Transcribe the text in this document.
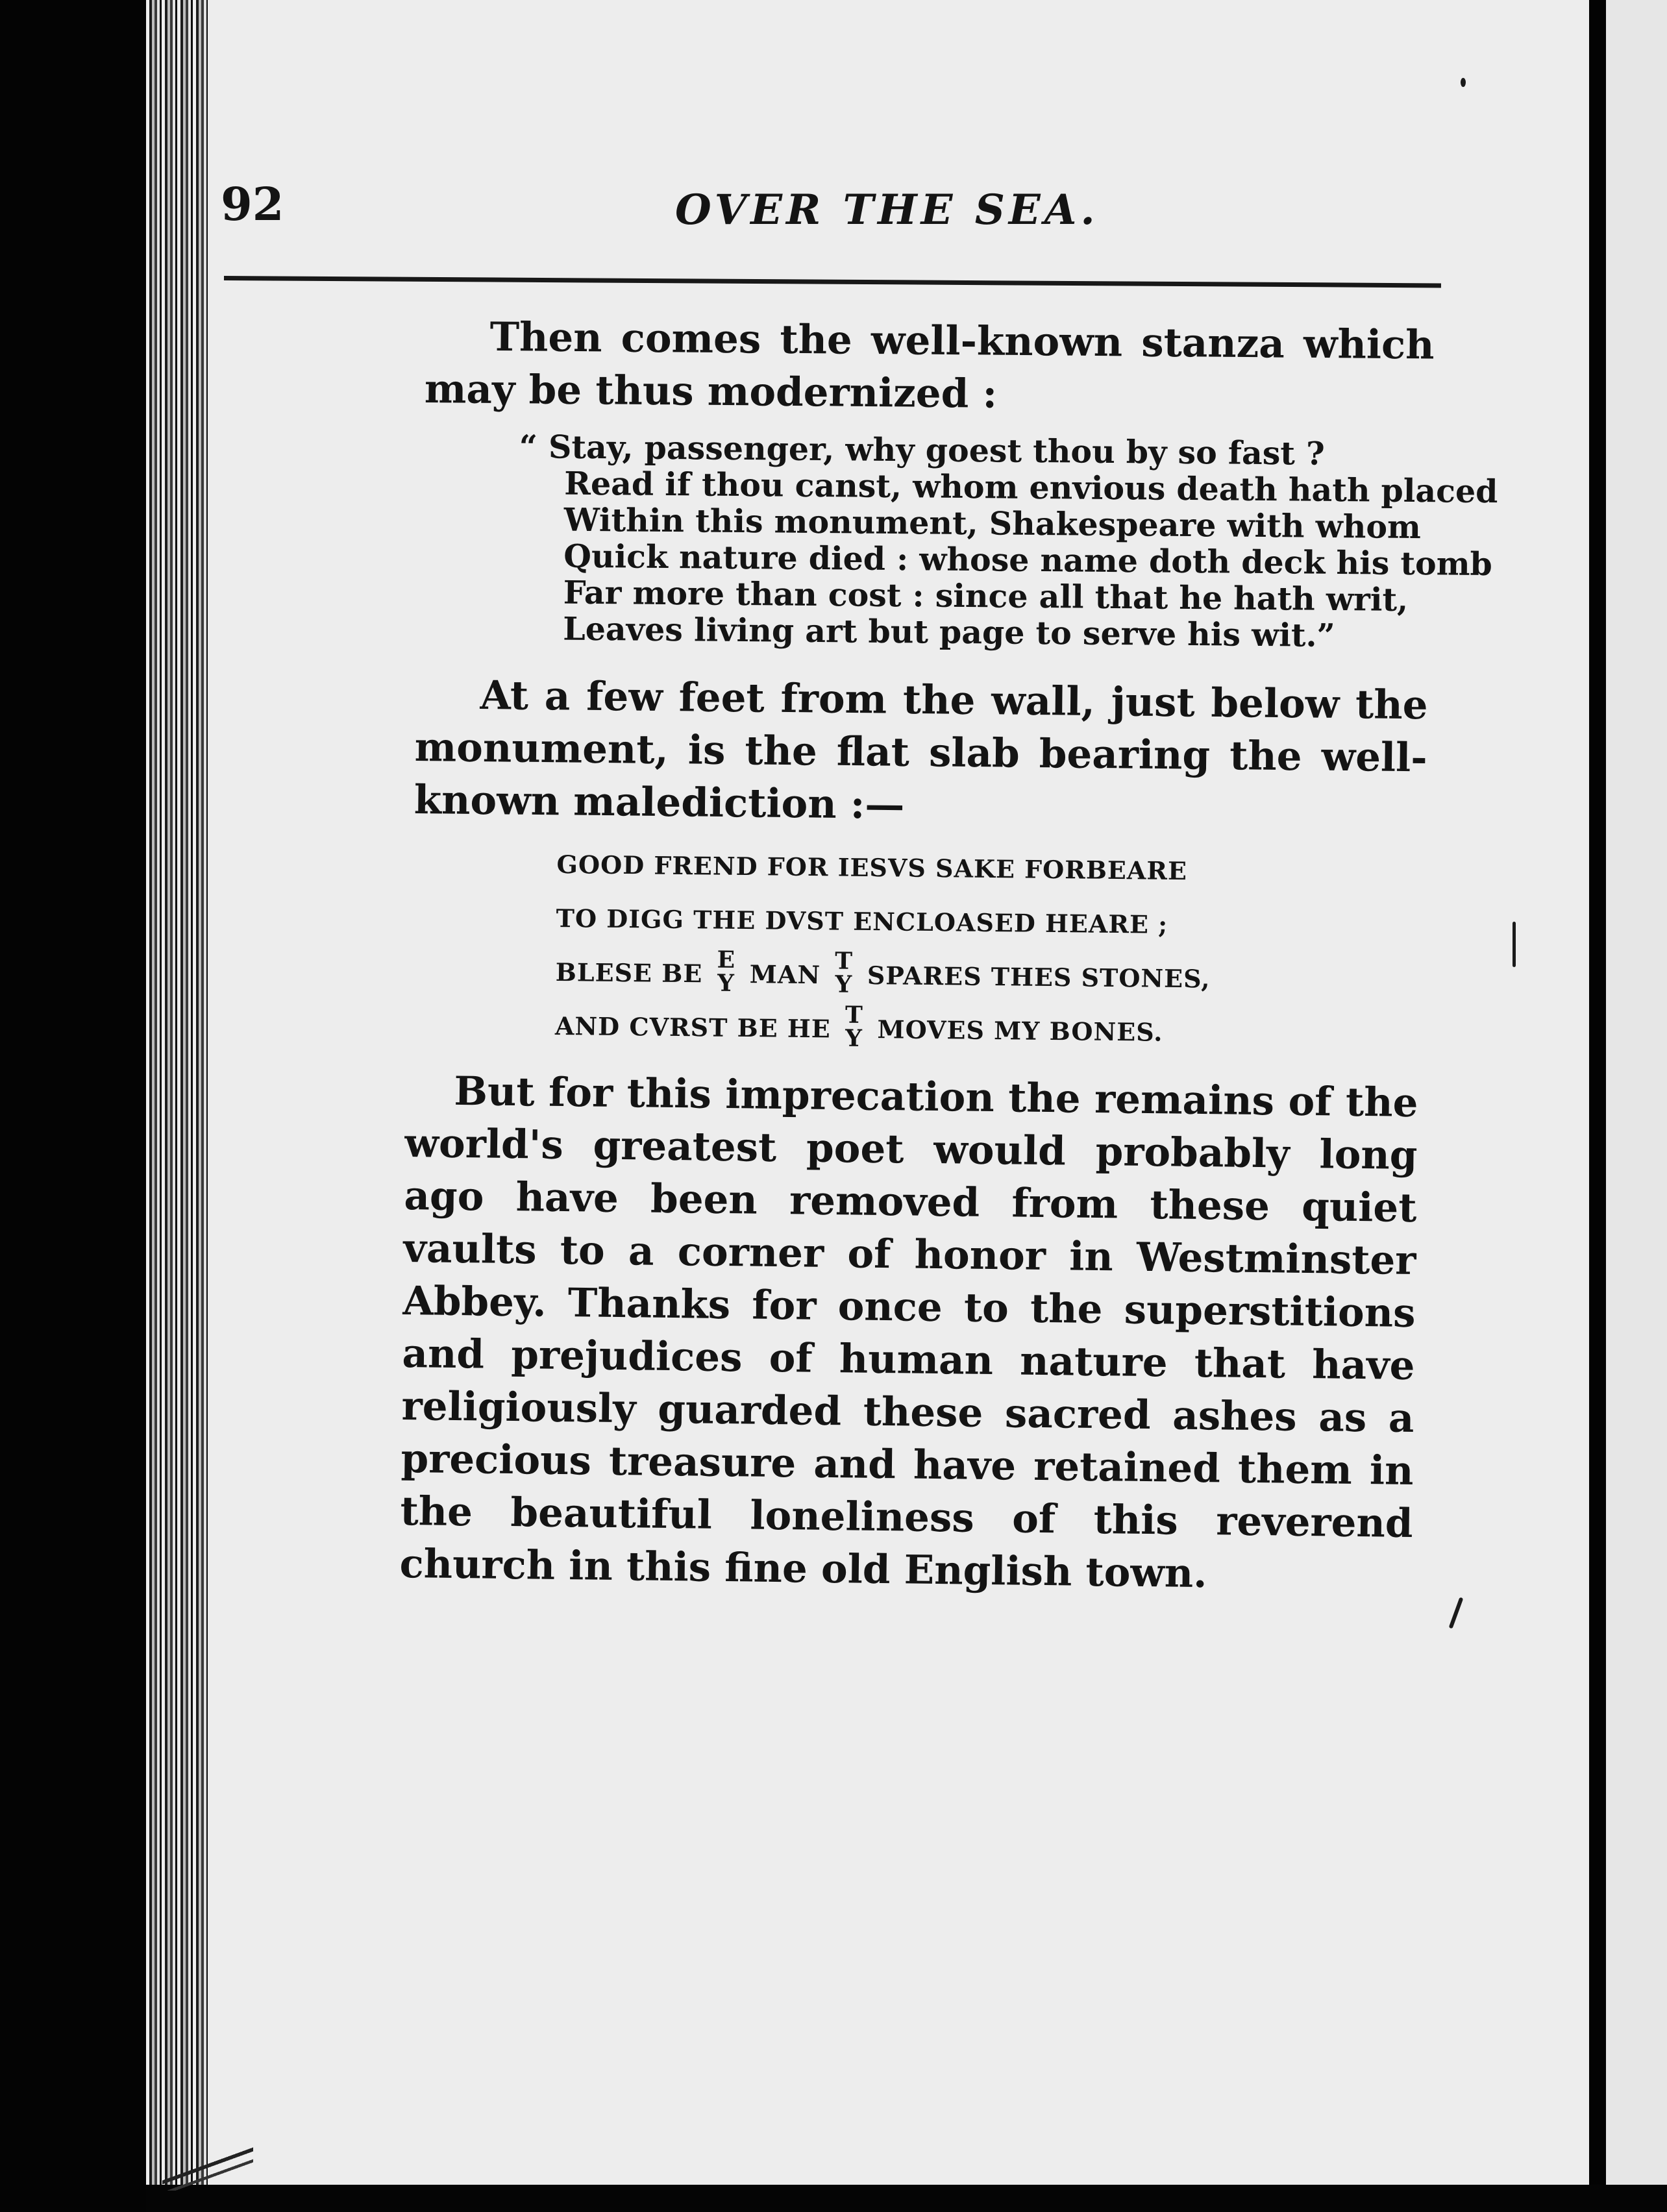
92	OVER THE SEA.

Then comes the well-known stanza which may be thus modernized :

“ Stay, passenger, why goest thou by so fast ?
Read if thou canst, whom envious death hath placed
Within this monument, Shakespeare with whom
Quick nature died : whose name doth deck his tomb
Far more than cost : since all that he hath writ,
Leaves living art but page to serve his wit.”

At a few feet from the wall, just below the monument, is the flat slab bearing the well-known malediction :—

GOOD FREND FOR IESVS SAKE FORBEARE
TO DIGG THE DVST ENCLOASED HEARE ;
BLESE BE E
Y MAN T
Y SPARES THES STONES,
AND CVRST BE HE T
Y MOVES MY BONES.

But for this imprecation the remains of the world's greatest poet would probably long ago have been removed from these quiet vaults to a corner of honor in Westminster Abbey. Thanks for once to the superstitions and prejudices of human nature that have religiously guarded these sacred ashes as a precious treasure and have retained them in the beautiful loneliness of this reverend church in this fine old English town.
